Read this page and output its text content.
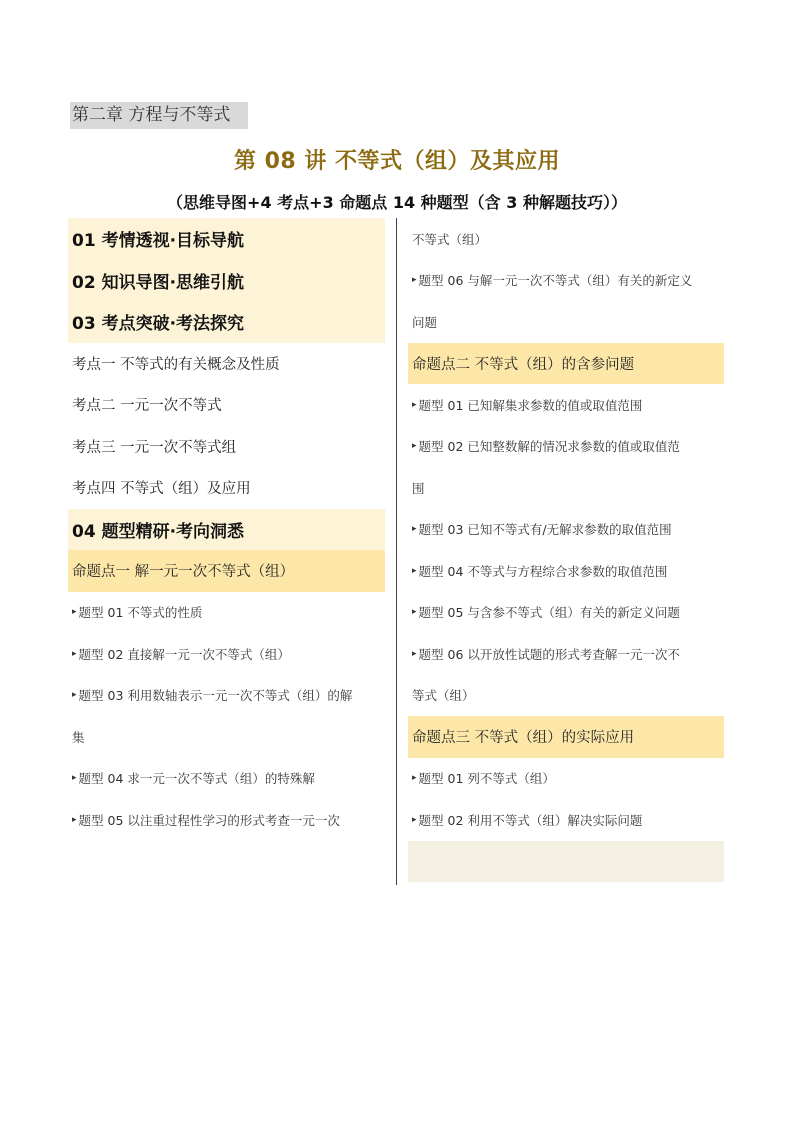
第二章 方程与不等式
第 08 讲 不等式（组）及其应用
（思维导图+4 考点+3 命题点 14 种题型（含 3 种解题技巧））
01 考情透视·目标导航
02 知识导图·思维引航
03 考点突破·考法探究
考点一 不等式的有关概念及性质
考点二 一元一次不等式
考点三 一元一次不等式组
考点四 不等式（组）及应用
04 题型精研·考向洞悉
命题点一 解一元一次不等式（组）
▸ 题型 01 不等式的性质
▸ 题型 02 直接解一元一次不等式（组）
▸ 题型 03 利用数轴表示一元一次不等式（组）的解
集
▸ 题型 04 求一元一次不等式（组）的特殊解
▸ 题型 05 以注重过程性学习的形式考查一元一次
不等式（组）
▸ 题型 06 与解一元一次不等式（组）有关的新定义
问题
命题点二 不等式（组）的含参问题
▸ 题型 01 已知解集求参数的值或取值范围
▸ 题型 02 已知整数解的情况求参数的值或取值范
围
▸ 题型 03 已知不等式有/无解求参数的取值范围
▸ 题型 04 不等式与方程综合求参数的取值范围
▸ 题型 05 与含参不等式（组）有关的新定义问题
▸ 题型 06 以开放性试题的形式考查解一元一次不
等式（组）
命题点三 不等式（组）的实际应用
▸ 题型 01 列不等式（组）
▸ 题型 02 利用不等式（组）解决实际问题
